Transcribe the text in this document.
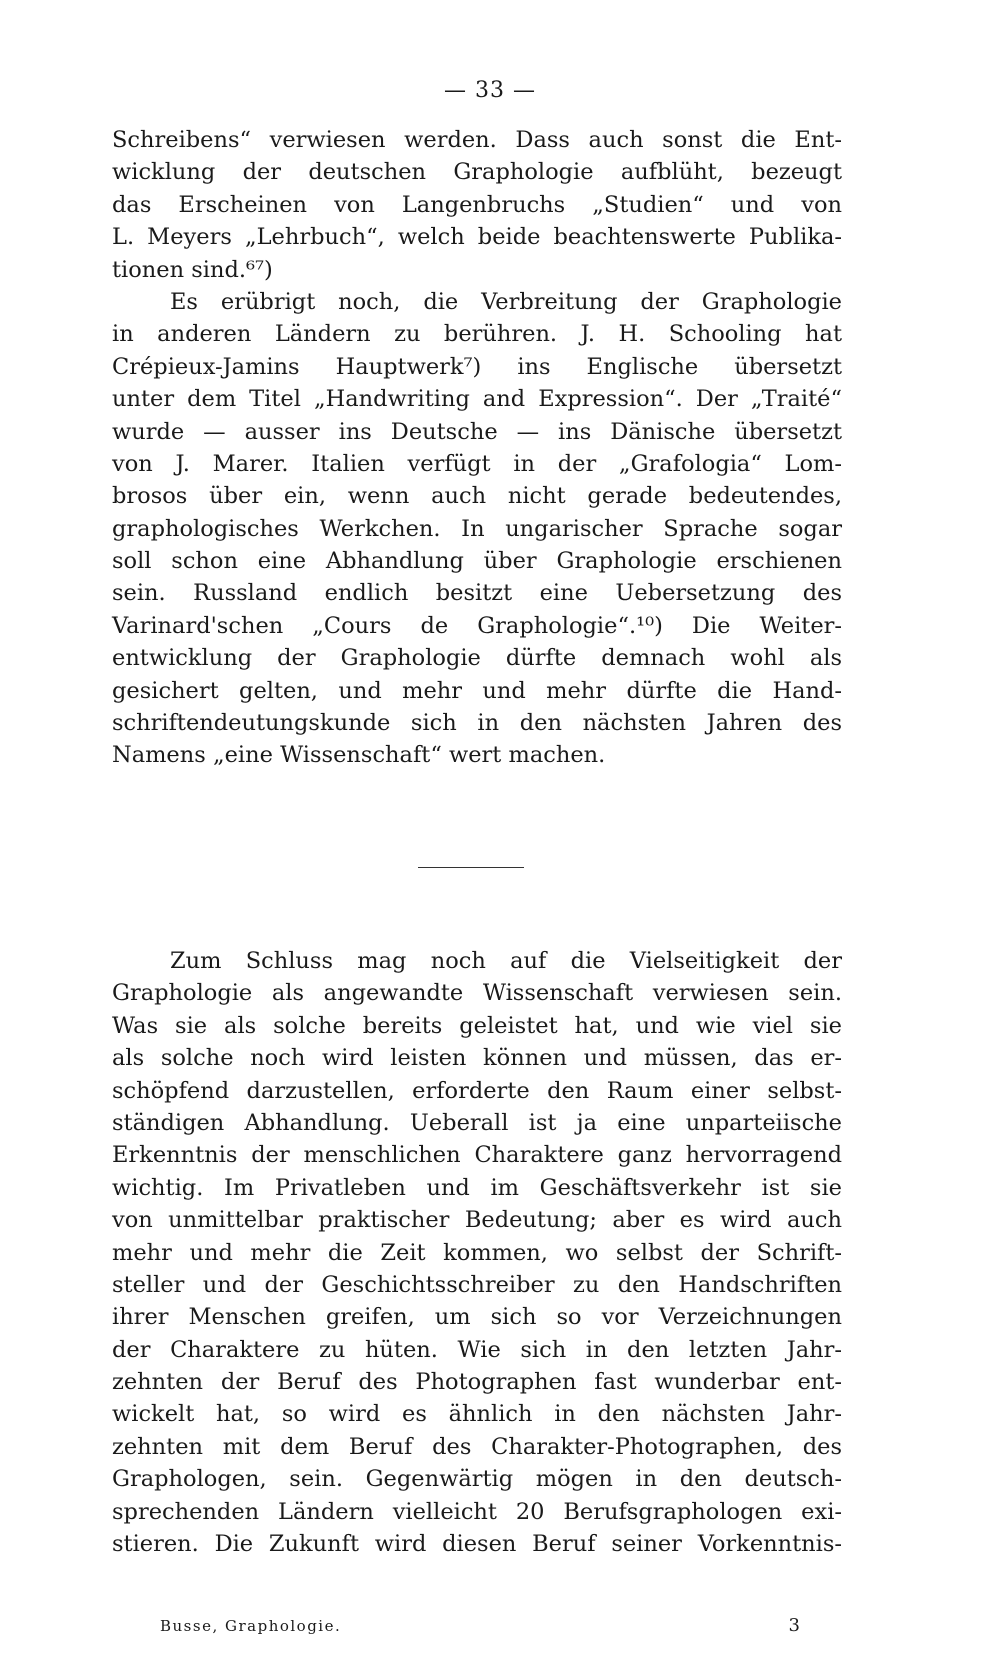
— 33 —
Schreibens“ verwiesen werden. Dass auch sonst die Ent-
wicklung der deutschen Graphologie aufblüht, bezeugt
das Erscheinen von Langenbruchs „Studien“ und von
L. Meyers „Lehrbuch“, welch beide beachtenswerte Publika-
tionen sind.⁶⁷)
Es erübrigt noch, die Verbreitung der Graphologie
in anderen Ländern zu berühren. J. H. Schooling hat
Crépieux-Jamins Hauptwerk⁷) ins Englische übersetzt
unter dem Titel „Handwriting and Expression“. Der „Traité“
wurde — ausser ins Deutsche — ins Dänische übersetzt
von J. Marer. Italien verfügt in der „Grafologia“ Lom-
brosos über ein, wenn auch nicht gerade bedeutendes,
graphologisches Werkchen. In ungarischer Sprache sogar
soll schon eine Abhandlung über Graphologie erschienen
sein. Russland endlich besitzt eine Uebersetzung des
Varinard'schen „Cours de Graphologie“.¹⁰) Die Weiter-
entwicklung der Graphologie dürfte demnach wohl als
gesichert gelten, und mehr und mehr dürfte die Hand-
schriftendeutungskunde sich in den nächsten Jahren des
Namens „eine Wissenschaft“ wert machen.
Zum Schluss mag noch auf die Vielseitigkeit der
Graphologie als angewandte Wissenschaft verwiesen sein.
Was sie als solche bereits geleistet hat, und wie viel sie
als solche noch wird leisten können und müssen, das er-
schöpfend darzustellen, erforderte den Raum einer selbst-
ständigen Abhandlung. Ueberall ist ja eine unparteiische
Erkenntnis der menschlichen Charaktere ganz hervorragend
wichtig. Im Privatleben und im Geschäftsverkehr ist sie
von unmittelbar praktischer Bedeutung; aber es wird auch
mehr und mehr die Zeit kommen, wo selbst der Schrift-
steller und der Geschichtsschreiber zu den Handschriften
ihrer Menschen greifen, um sich so vor Verzeichnungen
der Charaktere zu hüten. Wie sich in den letzten Jahr-
zehnten der Beruf des Photographen fast wunderbar ent-
wickelt hat, so wird es ähnlich in den nächsten Jahr-
zehnten mit dem Beruf des Charakter-Photographen, des
Graphologen, sein. Gegenwärtig mögen in den deutsch-
sprechenden Ländern vielleicht 20 Berufsgraphologen exi-
stieren. Die Zukunft wird diesen Beruf seiner Vorkenntnis-
Busse, Graphologie.	3
